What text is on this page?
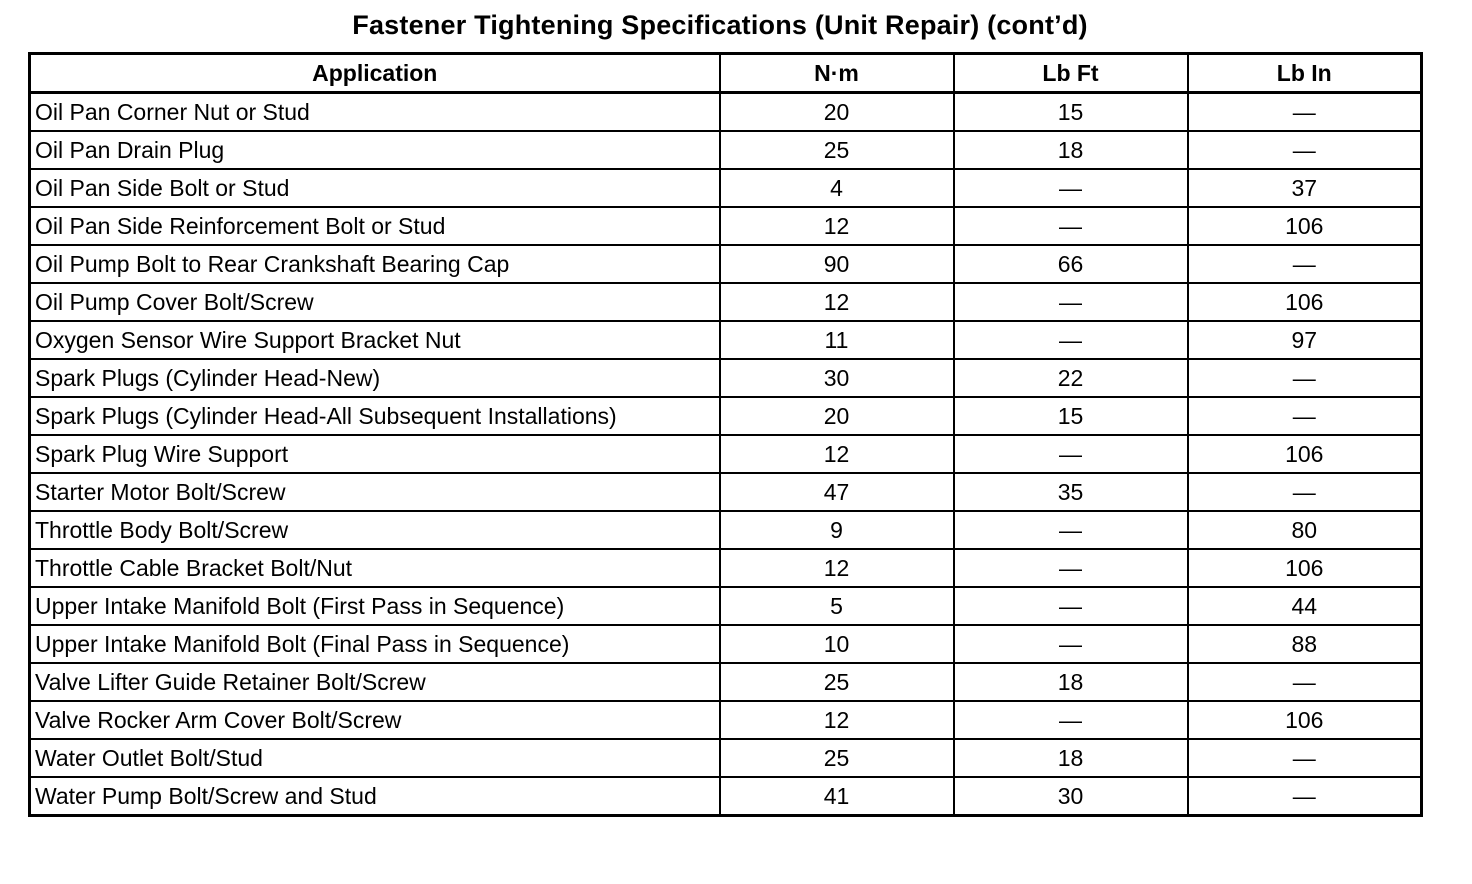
Fastener Tightening Specifications (Unit Repair) (cont’d)
Application	N·m	Lb Ft	Lb In
Oil Pan Corner Nut or Stud	20	15	—
Oil Pan Drain Plug	25	18	—
Oil Pan Side Bolt or Stud	4	—	37
Oil Pan Side Reinforcement Bolt or Stud	12	—	106
Oil Pump Bolt to Rear Crankshaft Bearing Cap	90	66	—
Oil Pump Cover Bolt/Screw	12	—	106
Oxygen Sensor Wire Support Bracket Nut	11	—	97
Spark Plugs (Cylinder Head-New)	30	22	—
Spark Plugs (Cylinder Head-All Subsequent Installations)	20	15	—
Spark Plug Wire Support	12	—	106
Starter Motor Bolt/Screw	47	35	—
Throttle Body Bolt/Screw	9	—	80
Throttle Cable Bracket Bolt/Nut	12	—	106
Upper Intake Manifold Bolt (First Pass in Sequence)	5	—	44
Upper Intake Manifold Bolt (Final Pass in Sequence)	10	—	88
Valve Lifter Guide Retainer Bolt/Screw	25	18	—
Valve Rocker Arm Cover Bolt/Screw	12	—	106
Water Outlet Bolt/Stud	25	18	—
Water Pump Bolt/Screw and Stud	41	30	—
